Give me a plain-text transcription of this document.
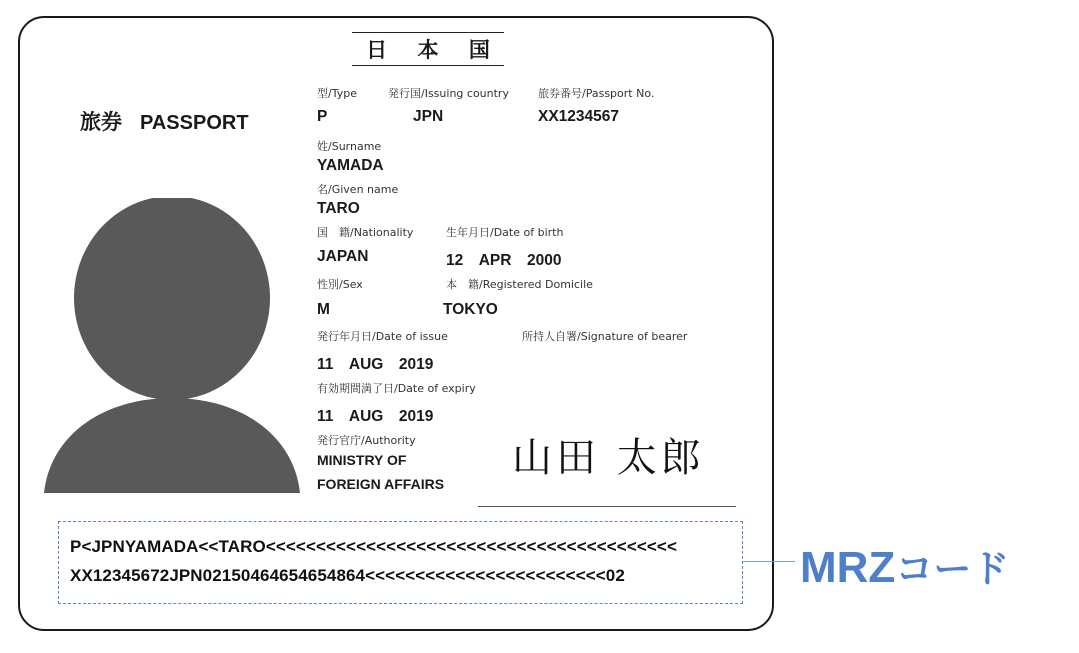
日 本 国
旅券 PASSPORT
型/Type	発行国/Issuing country	旅券番号/Passport No.
P	JPN	XX1234567
姓/Surname
YAMADA
名/Given name
TARO
国　籍/Nationality	生年月日/Date of birth
JAPAN	12　APR　2000
性別/Sex	本　籍/Registered Domicile
M	TOKYO
発行年月日/Date of issue	所持人自署/Signature of bearer
11　AUG　2019
有効期間満了日/Date of expiry
11　AUG　2019
発行官庁/Authority
MINISTRY OF
FOREIGN AFFAIRS
山田 太郎
P<JPNYAMADA<<TARO<<<<<<<<<<<<<<<<<<<<<<<<<<<<<<<<<<<<<<<<<
XX12345672JPN02150464654654864<<<<<<<<<<<<<<<<<<<<<<<<02	MRZコード
